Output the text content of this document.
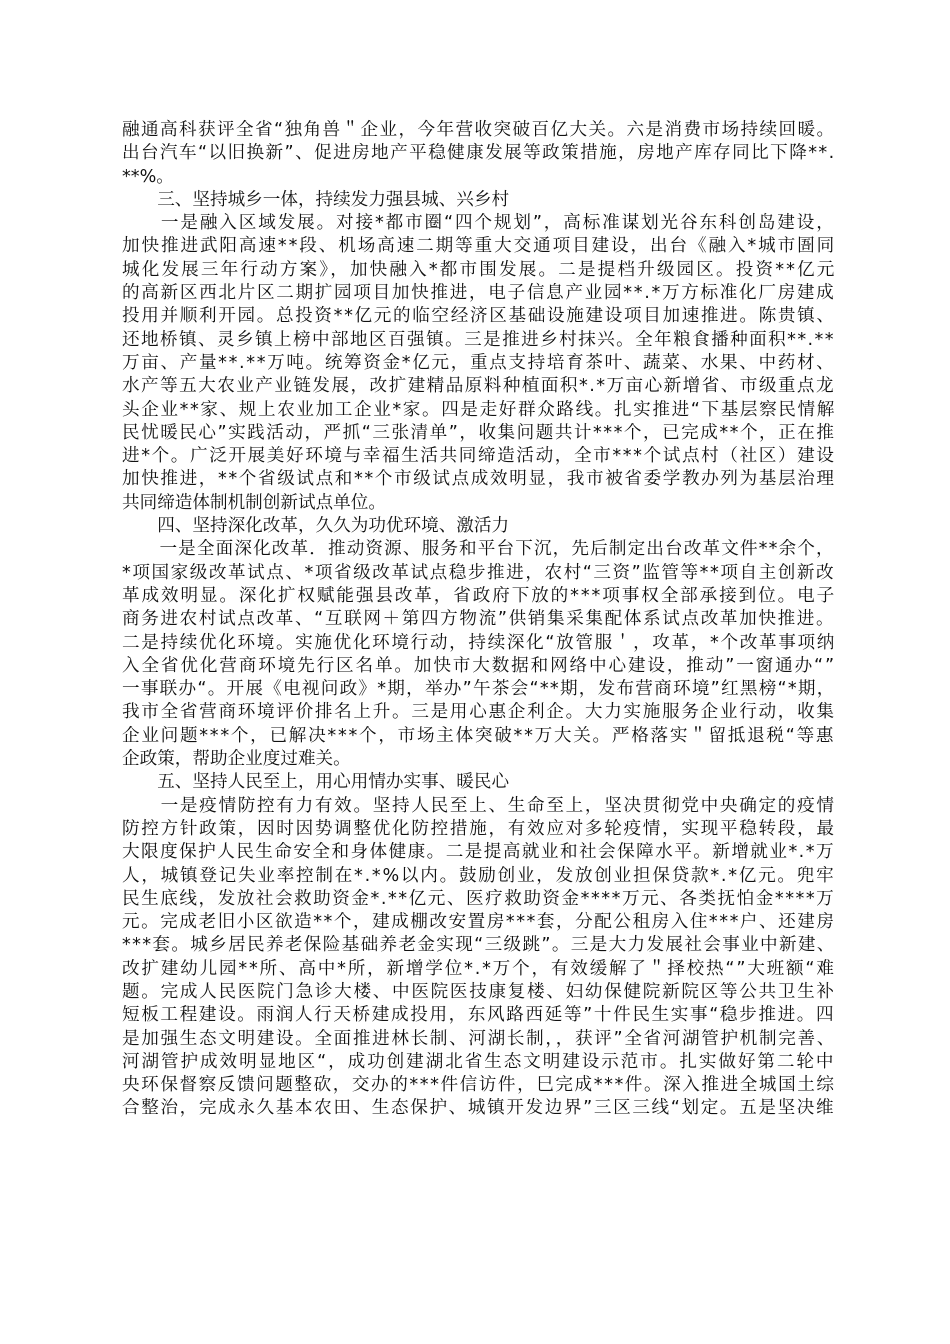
融通高科获评全省“独角兽＂企业，今年营收突破百亿大关。六是消费市场持续回暖。
出台汽车“以旧换新”、促进房地产平稳健康发展等政策措施，房地产库存同比下降**.
**%。
　　三、坚持城乡一体，持续发力强县城、兴乡村
　　一是融入区域发展。对接*都市圈“四个规划”，高标准谋划光谷东科创岛建设，
加快推进武阳高速**段、机场高速二期等重大交通项目建设，出台《融入*城市圄同
城化发展三年行动方案》，加快融入*都市围发展。二是提档升级园区。投资**亿元
的高新区西北片区二期扩园项目加快推进，电子信息产业园**.*万方标准化厂房建成
投用并顺利开园。总投资**亿元的临空经济区基础设施建设项目加速推进。陈贵镇、
还地桥镇、灵乡镇上榜中部地区百强镇。三是推进乡村抹兴。全年粮食播种面积**.**
万亩、产量**.**万吨。统筹资金*亿元，重点支持培育茶叶、蔬菜、水果、中药材、
水产等五大农业产业链发展，改扩建精品原料种植面积*.*万亩心新增省、市级重点龙
头企业**家、规上农业加工企业*家。四是走好群众路线。扎实推进“下基层察民情解
民忧暖民心”实践活动，严抓“三张清单”，收集问题共计***个，已完成**个，正在推
进*个。广泛开展美好环境与幸福生活共同缔造活动，全市***个试点村（社区）建设
加快推进，**个省级试点和**个市级试点成效明显，我市被省委学教办列为基层治理
共同缔造体制机制创新试点单位。
　　四、坚持深化改革，久久为功优环境、激活力
　　一是全面深化改革．推动资源、服务和平台下沉，先后制定出台改革文件**余个，
*项国家级改革试点、*项省级改革试点稳步推进，农村“三资”监管等**项自主创新改
革成效明显。深化扩权赋能强县改革，省政府下放的***项事权全部承接到位。电子
商务进农村试点改革、“互联网＋第四方物流”供销集采集配体系试点改革加快推进。
二是持续优化环境。实施优化环境行动，持续深化“放管服＇，攻革，*个改革事项纳
入全省优化营商环境先行区名单。加快市大数据和网络中心建设，推动”一窗通办“”
一事联办“。开展《电视问政》*期，举办”午茶会“**期，发布营商环境”红黑榜“*期，
我市全省营商环境评价排名上升。三是用心惠企利企。大力实施服务企业行动，收集
企业问题***个，已解决***个，市场主体突破**万大关。严格落实＂留抵退税“等惠
企政策，帮助企业度过难关。
　　五、坚持人民至上，用心用情办实事、暖民心
　　一是疫情防控有力有效。坚持人民至上、生命至上，坚决贯彻党中央确定的疫情
防控方针政策，因时因势调整优化防控措施，有效应对多轮疫情，实现平稳转段，最
大限度保护人民生命安全和身体健康。二是提高就业和社会保障水平。新增就业*.*万
人，城镇登记失业率控制在*.*%以内。鼓励创业，发放创业担保贷款*.*亿元。兜牢
民生底线，发放社会救助资金*.**亿元、医疗救助资金****万元、各类抚怕金****万
元。完成老旧小区欲造**个，建成棚改安置房***套，分配公租房入住***户、还建房
***套。城乡居民养老保险基础养老金实现“三级跳”。三是大力发展社会事业中新建、
改扩建幼儿园**所、高中*所，新增学位*.*万个，有效缓解了＂择校热“”大班额“难
题。完成人民医院门急诊大楼、中医院医技康复楼、妇幼保健院新院区等公共卫生补
短板工程建设。雨润人行天桥建成投用，东风路西延等”十件民生实事“稳步推进。四
是加强生态文明建设。全面推进林长制、河湖长制，，获评”全省河湖管护机制完善、
河湖管护成效明显地区“，成功创建湖北省生态文明建设示范市。扎实做好第二轮中
央环保督察反馈问题整砍，交办的***件信访件，巳完成***件。深入推进全城国土综
合整治，完成永久基本农田、生态保护、城镇开发边界”三区三线“划定。五是坚决维
